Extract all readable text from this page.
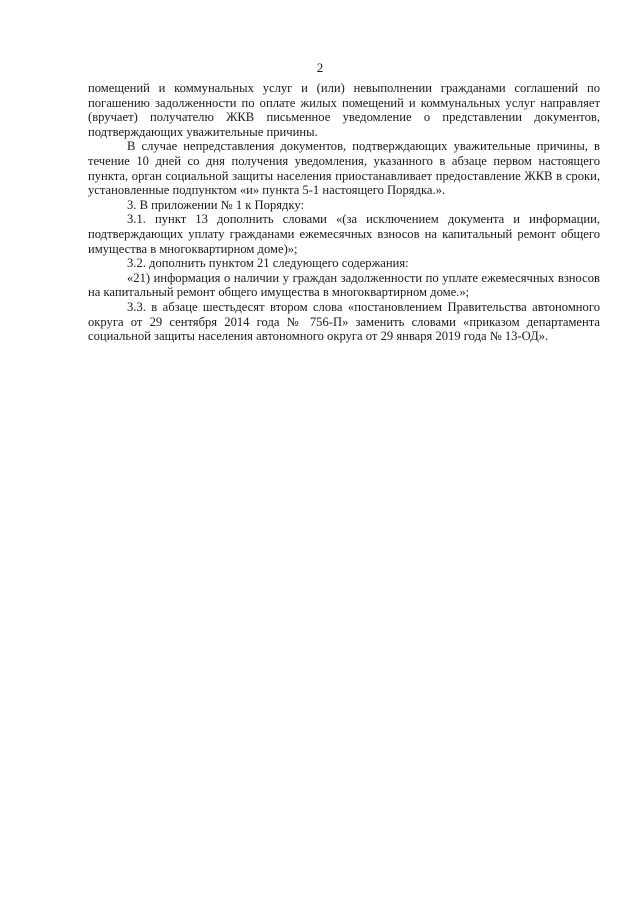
2

помещений и коммунальных услуг и (или) невыполнении гражданами соглашений по погашению задолженности по оплате жилых помещений и коммунальных услуг направляет (вручает) получателю ЖКВ письменное уведомление о представлении документов, подтверждающих уважительные причины.

В случае непредставления документов, подтверждающих уважительные причины, в течение 10 дней со дня получения уведомления, указанного в абзаце первом настоящего пункта, орган социальной защиты населения приостанавливает предоставление ЖКВ в сроки, установленные подпунктом «и» пункта 5-1 настоящего Порядка.».

3. В приложении № 1 к Порядку:

3.1. пункт 13 дополнить словами «(за исключением документа и информации, подтверждающих уплату гражданами ежемесячных взносов на капитальный ремонт общего имущества в многоквартирном доме)»;

3.2. дополнить пунктом 21 следующего содержания:

«21) информация о наличии у граждан задолженности по уплате ежемесячных взносов на капитальный ремонт общего имущества в многоквартирном доме.»;

3.3. в абзаце шестьдесят втором слова «постановлением Правительства автономного округа от 29 сентября 2014 года № 756-П» заменить словами «приказом департамента социальной защиты населения автономного округа от 29 января 2019 года № 13-ОД».
